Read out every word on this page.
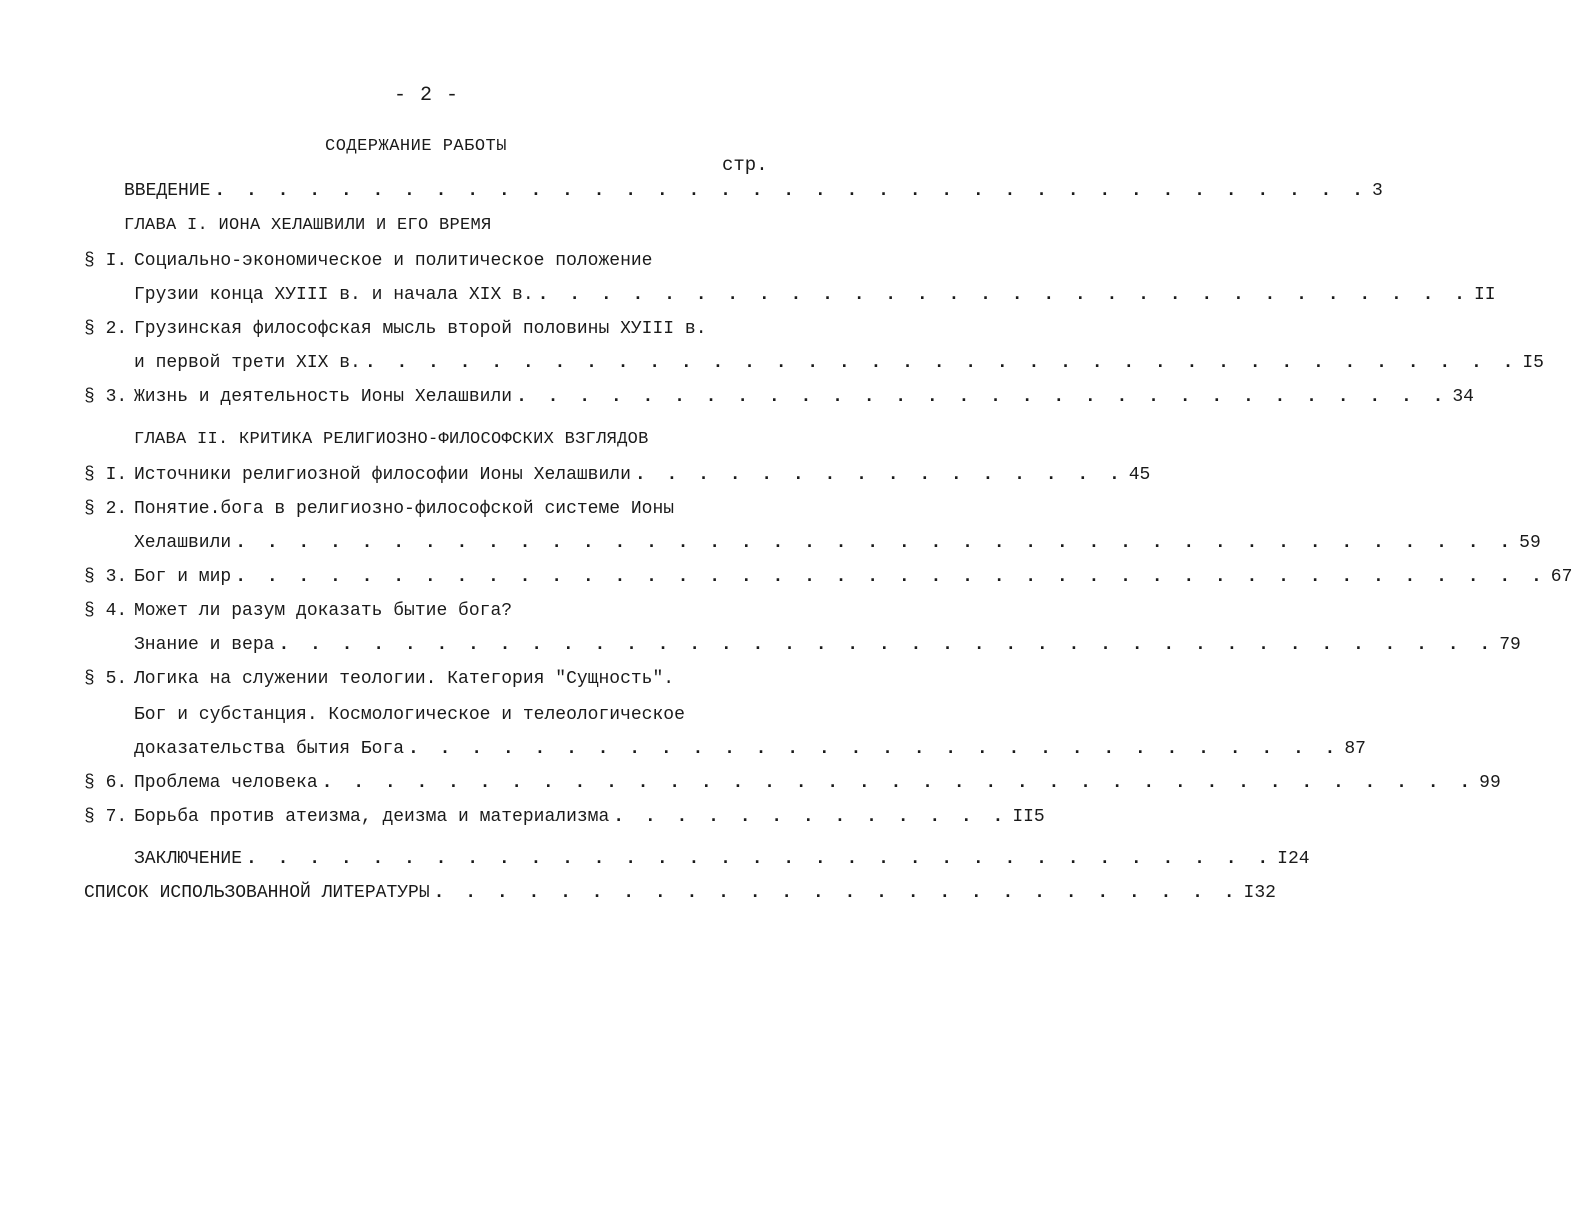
- 2 -
СОДЕРЖАНИЕ РАБОТЫ
стр.
ВВЕДЕНИЕ . . . . . . . . . . . . . . . . . . . . . . . . . . . . . . . . . . . . . 3
ГЛАВА I. ИОНА ХЕЛАШВИЛИ И ЕГО ВРЕМЯ
§ I. Социально-экономическое и политическое положение
Грузии конца ХУIII в. и начала XIX в. . . . . . . . . . . . . . . . . . . . . . . . . . . . . . . II
§ 2. Грузинская философская мысль второй половины ХУIII в.
и первой трети XIX в. . . . . . . . . . . . . . . . . . . . . . . . . . . . . . . . . . . . . . I5
§ 3. Жизнь и деятельность Ионы Хелашвили . . . . . . . . . . . . . . . . . . . . . . . . . . . . . . 34
ГЛАВА II. КРИТИКА РЕЛИГИОЗНО-ФИЛОСОФСКИХ ВЗГЛЯДОВ
§ I. Источники религиозной философии Ионы Хелашвили . . . . . . . . . . . . . . . . 45
§ 2. Понятие.бога в религиозно-философской системе Ионы
Хелашвили . . . . . . . . . . . . . . . . . . . . . . . . . . . . . . . . . . . . . . . . . 59
§ 3. Бог и мир . . . . . . . . . . . . . . . . . . . . . . . . . . . . . . . . . . . . . . . . . . 67
§ 4. Может ли разум доказать бытие бога?
Знание и вера . . . . . . . . . . . . . . . . . . . . . . . . . . . . . . . . . . . . . . . 79
§ 5. Логика на служении теологии. Категория "Сущность".
Бог и субстанция. Космологическое и телеологическое
доказательства бытия Бога . . . . . . . . . . . . . . . . . . . . . . . . . . . . . . 87
§ 6. Проблема человека . . . . . . . . . . . . . . . . . . . . . . . . . . . . . . . . . . . . . 99
§ 7. Борьба против атеизма, деизма и материализма . . . . . . . . . . . . . II5
ЗАКЛЮЧЕНИЕ . . . . . . . . . . . . . . . . . . . . . . . . . . . . . . . . . I24
СПИСОК ИСПОЛЬЗОВАННОЙ ЛИТЕРАТУРЫ . . . . . . . . . . . . . . . . . . . . . . . . . . I32
